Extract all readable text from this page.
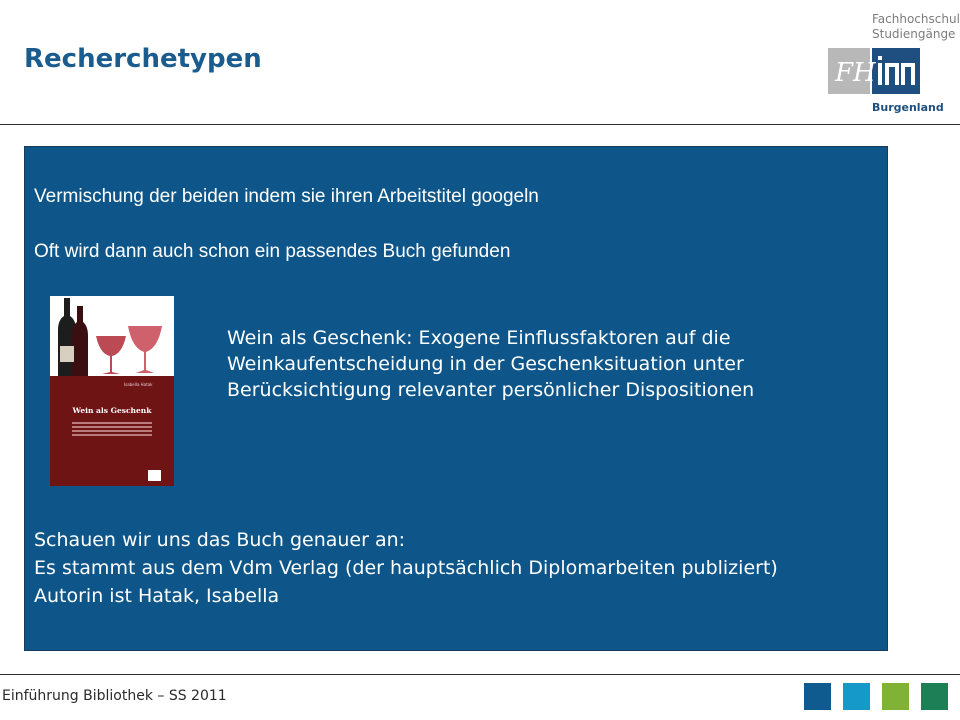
Recherchetypen
Fachhochschul
Studiengänge
FH
Burgenland
Vermischung der beiden indem sie ihren Arbeitstitel googeln
Oft wird dann auch schon ein passendes Buch gefunden
Isabella Hatak
Wein als Geschenk
Wein als Geschenk: Exogene Einflussfaktoren auf die
Weinkaufentscheidung in der Geschenksituation unter
Berücksichtigung relevanter persönlicher Dispositionen
Schauen wir uns das Buch genauer an:
Es stammt aus dem Vdm Verlag (der hauptsächlich Diplomarbeiten publiziert)
Autorin ist Hatak, Isabella
Einführung Bibliothek – SS 2011
